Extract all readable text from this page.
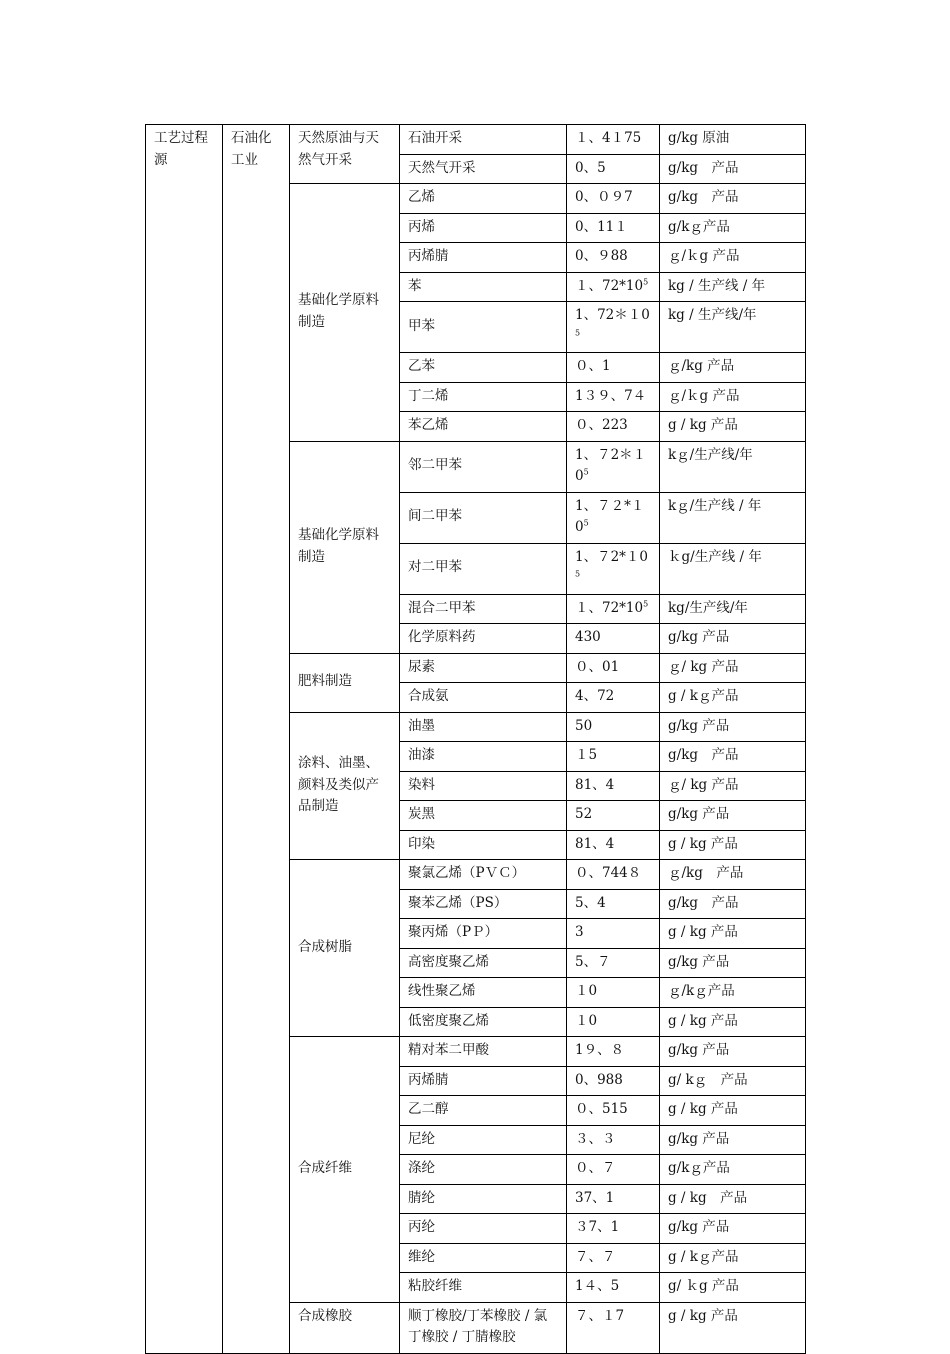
工艺过程源	石油化工业	天然原油与天然气开采	石油开采	１、4１75	g/kg 原油
			天然气开采	0、5	g/kg　产品
		基础化学原料制造	乙烯	0、０９7	g/kg　产品
			丙烯	0、11１	g/kｇ产品
			丙烯腈	0、９88	ｇ/ｋg 产品
			苯	１、$72*10^5$	kg / 生产线 / 年
			甲苯	1、$72*10^5$	kg / 生产线/年
			乙苯	０、1	ｇ/kg 产品
			丁二烯	1３９、7４	ｇ/ｋg 产品
			苯乙烯	０、223	g / kg 产品
		基础化学原料制造	邻二甲苯	1、$72*10^5$	kｇ/生产线/年
			间二甲苯	1、$72*10^5$	kｇ/生产线 / 年
			对二甲苯	1、$72*10^5$	ｋg/生产线 / 年
			混合二甲苯	１、$72*10^5$	kg/生产线/年
			化学原料药	430	g/kg 产品
		肥料制造	尿素	０、01	ｇ/ kg 产品
			合成氨	4、72	g / kｇ产品
		涂料、油墨、颜料及类似产品制造	油墨	50	g/kg 产品
			油漆	１5	g/kg　产品
			染料	81、4	ｇ/ kg 产品
			炭黑	52	g/kg 产品
			印染	81、4	g / kg 产品
		合成树脂	聚氯乙烯（PＶＣ）	０、744８	ｇ/kg　产品
			聚苯乙烯（PS）	5、4	g/kg　产品
			聚丙烯（PＰ）	3	g / kg 产品
			高密度聚乙烯	5、７	g/kg 产品
			线性聚乙烯	１0	ｇ/kｇ产品
			低密度聚乙烯	１0	g / kg 产品
		合成纤维	精对苯二甲酸	1９、８	g/kg 产品
			丙烯腈	0、988	g/ kｇ　产品
			乙二醇	０、515	g / kg 产品
			尼纶	３、３	g/kg 产品
			涤纶	０、７	g/kｇ产品
			腈纶	37、1	g / kg　产品
			丙纶	３7、1	g/kg 产品
			维纶	７、７	g / kｇ产品
			粘胶纤维	1４、5	g/ ｋg 产品
		合成橡胶	顺丁橡胶/丁苯橡胶 / 氯丁橡胶 / 丁腈橡胶	７、１7	g / kg 产品
